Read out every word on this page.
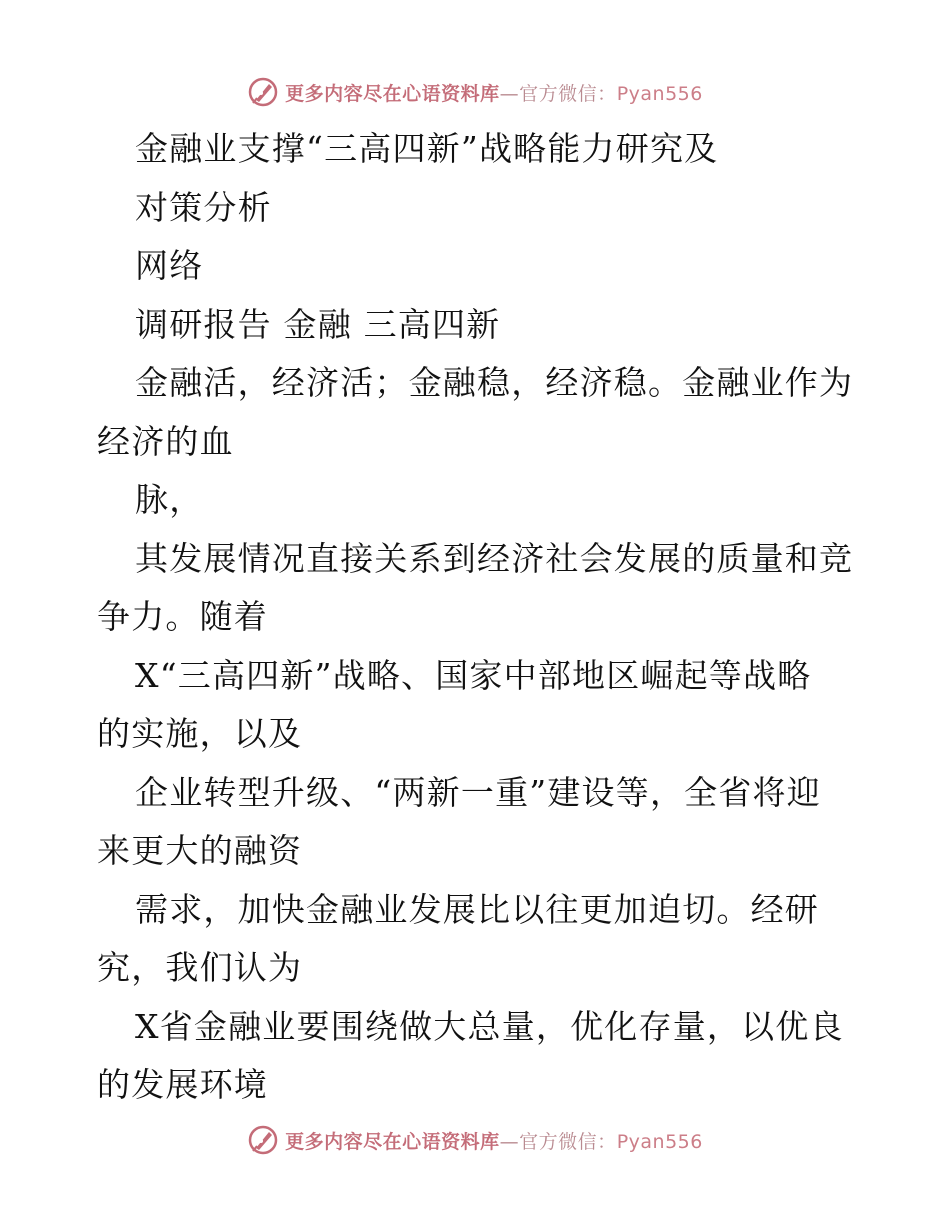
更多内容尽在心语资料库—官方微信：Pyan556
金融业支撑“三高四新”战略能力研究及
对策分析
网络
调研报告 金融 三高四新
金融活，经济活；金融稳，经济稳。金融业作为
经济的血
脉，
其发展情况直接关系到经济社会发展的质量和竞
争力。随着
X“三高四新”战略、国家中部地区崛起等战略
的实施，以及
企业转型升级、“两新一重”建设等，全省将迎
来更大的融资
需求，加快金融业发展比以往更加迫切。经研
究，我们认为
X省金融业要围绕做大总量，优化存量，以优良
的发展环境
更多内容尽在心语资料库—官方微信：Pyan556
